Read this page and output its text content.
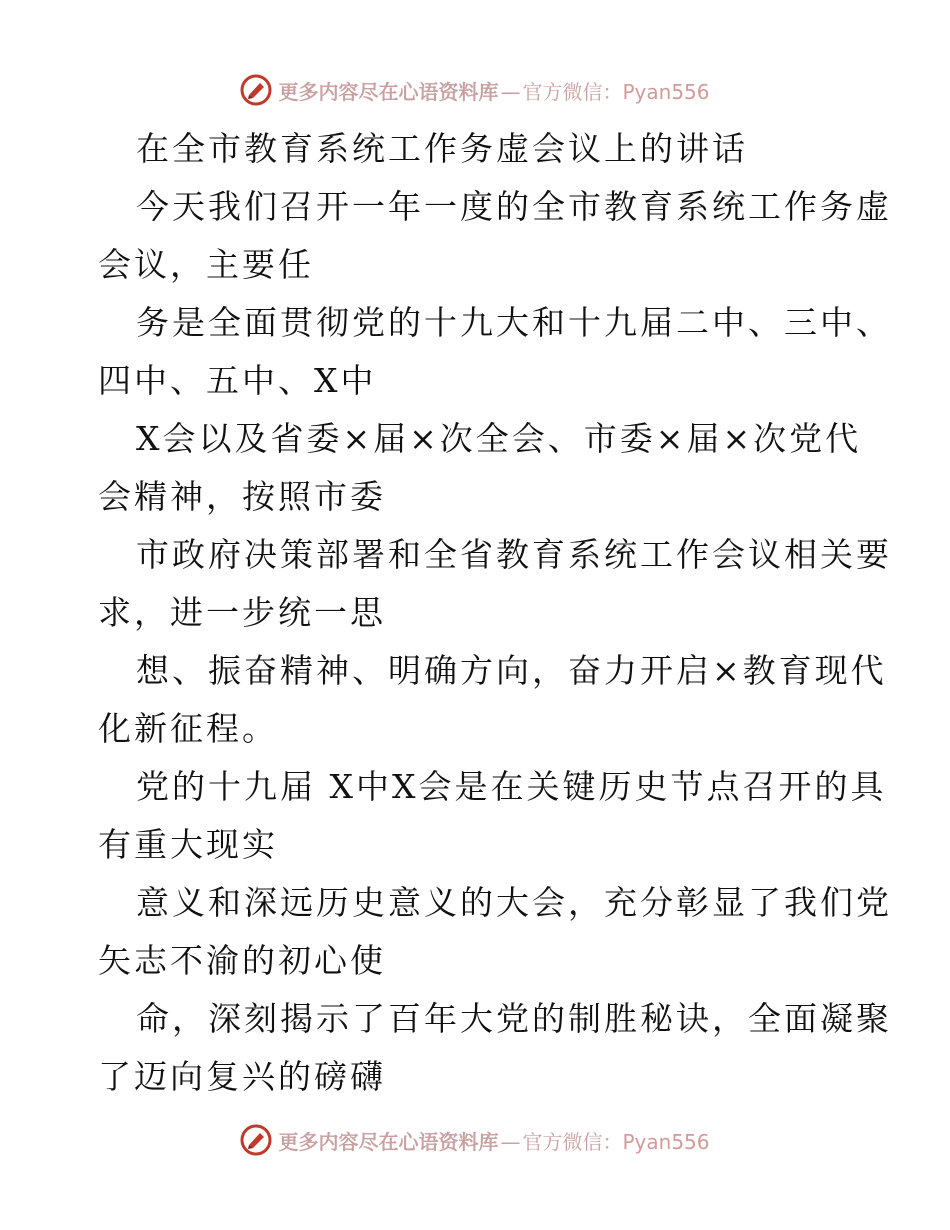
更多内容尽在心语资料库 — 官方微信： Pyan556
在全市教育系统工作务虚会议上的讲话
今天我们召开一年一度的全市教育系统工作务虚
会议，主要任
务是全面贯彻党的十九大和十九届二中、三中、
四中、五中、X中
X会以及省委×届×次全会、市委×届×次党代
会精神，按照市委
市政府决策部署和全省教育系统工作会议相关要
求，进一步统一思
想、振奋精神、明确方向，奋力开启×教育现代
化新征程。
党的十九届 X中X会是在关键历史节点召开的具
有重大现实
意义和深远历史意义的大会，充分彰显了我们党
矢志不渝的初心使
命，深刻揭示了百年大党的制胜秘诀，全面凝聚
了迈向复兴的磅礴
更多内容尽在心语资料库 — 官方微信： Pyan556
